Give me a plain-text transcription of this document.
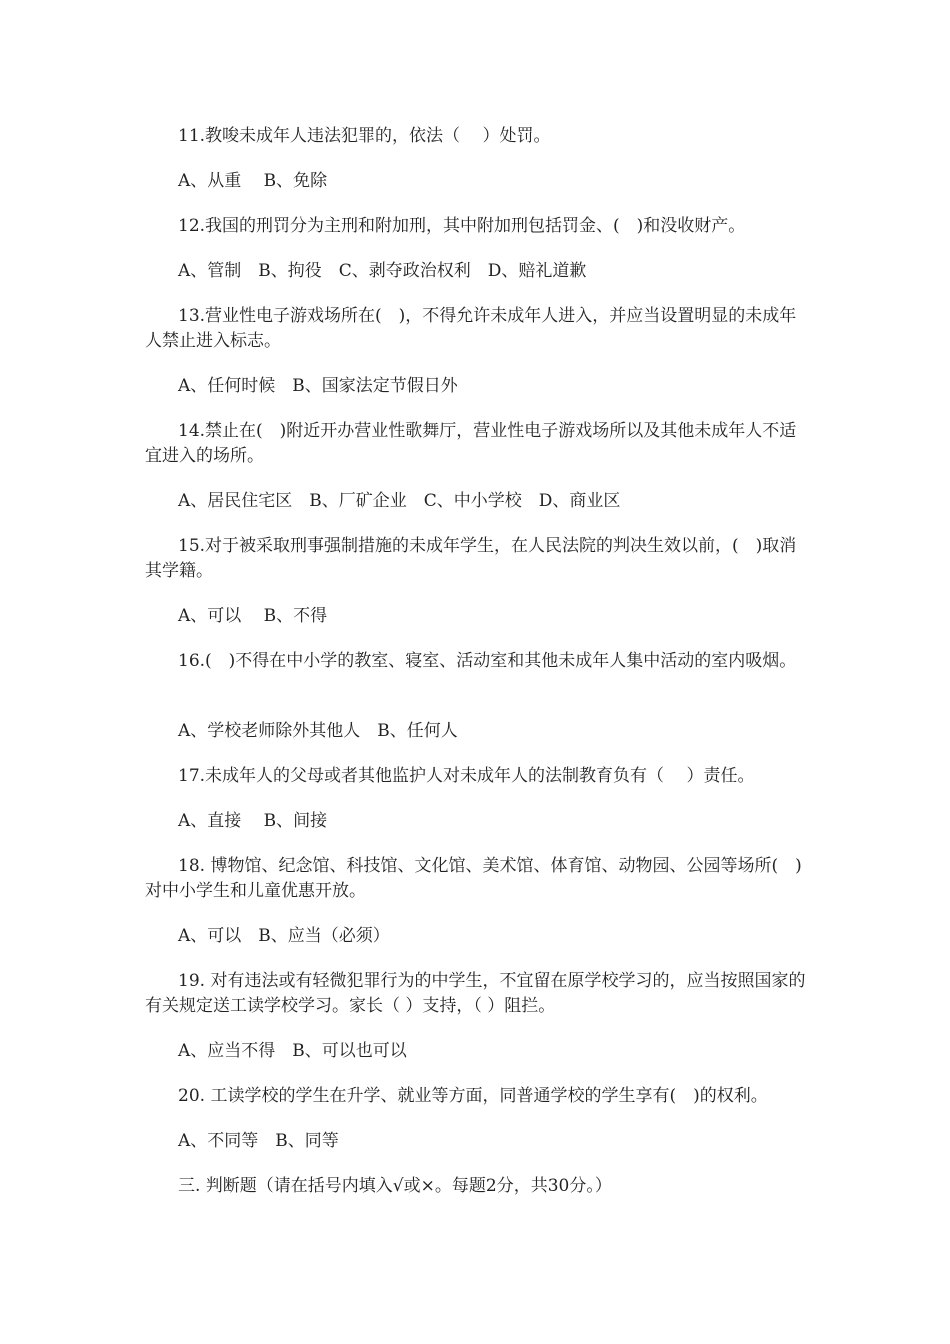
11.教唆未成年人违法犯罪的，依法（　 ）处罚。

A、从重　 B、免除

12.我国的刑罚分为主刑和附加刑，其中附加刑包括罚金、(　)和没收财产。

A、管制　B、拘役　C、剥夺政治权利　D、赔礼道歉

13.营业性电子游戏场所在(　)，不得允许未成年人进入，并应当设置明显的未成年人禁止进入标志。

A、任何时候　B、国家法定节假日外

14.禁止在(　)附近开办营业性歌舞厅，营业性电子游戏场所以及其他未成年人不适宜进入的场所。

A、居民住宅区　B、厂矿企业　C、中小学校　D、商业区

15.对于被采取刑事强制措施的未成年学生，在人民法院的判决生效以前，(　)取消其学籍。

A、可以　 B、不得

16.(　)不得在中小学的教室、寝室、活动室和其他未成年人集中活动的室内吸烟。

A、学校老师除外其他人　B、任何人

17.未成年人的父母或者其他监护人对未成年人的法制教育负有（　 ）责任。

A、直接　 B、间接

18. 博物馆、纪念馆、科技馆、文化馆、美术馆、体育馆、动物园、公园等场所(　)对中小学生和儿童优惠开放。

A、可以　B、应当（必须）

19. 对有违法或有轻微犯罪行为的中学生，不宜留在原学校学习的，应当按照国家的有关规定送工读学校学习。家长（ ）支持，（ ）阻拦。

A、应当不得　B、可以也可以

20. 工读学校的学生在升学、就业等方面，同普通学校的学生享有(　)的权利。

A、不同等　B、同等

三. 判断题（请在括号内填入√或×。每题2分，共30分。）
